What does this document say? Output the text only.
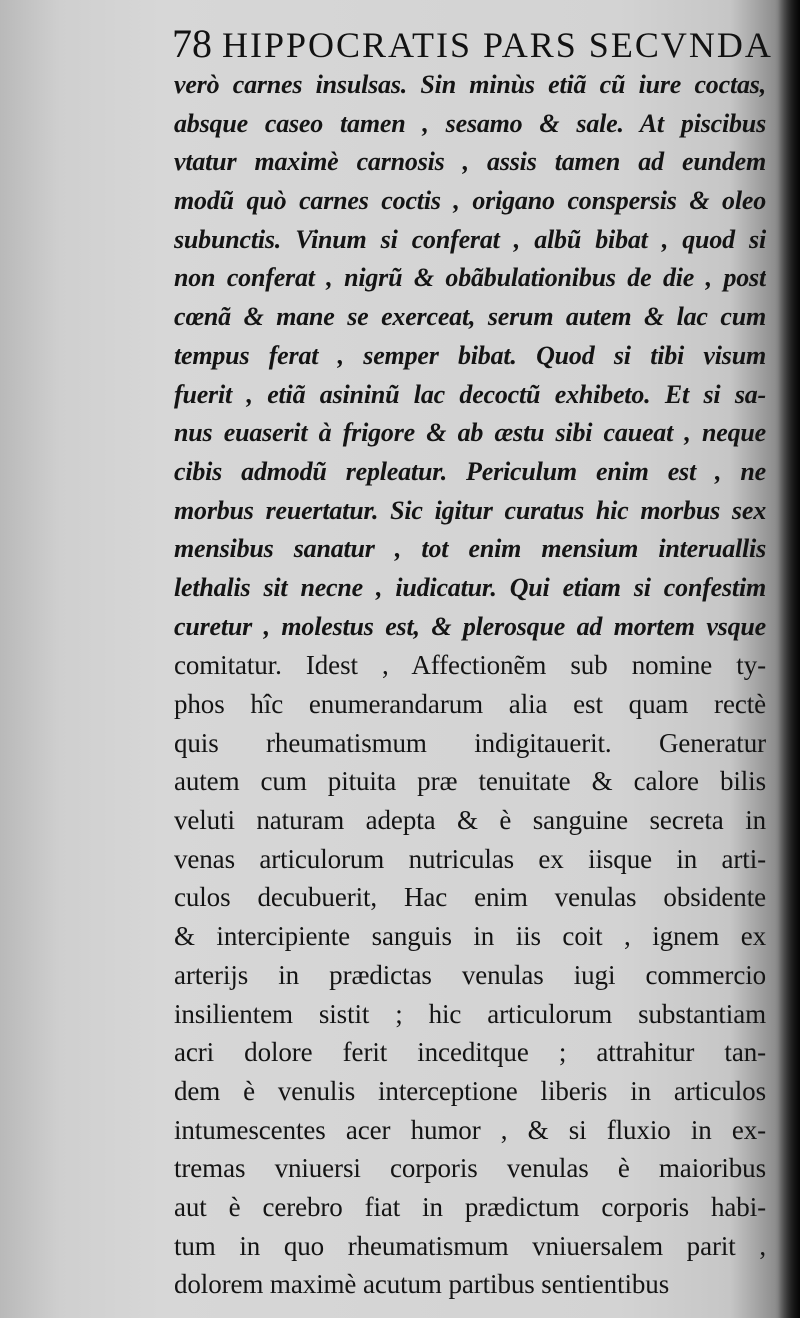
78 HIPPOCRATIS PARS SECVNDA
verò carnes insulsas. Sin minùs etiã cũ iure coctas,
absque caseo tamen , sesamo & sale. At piscibus
vtatur maximè carnosis , assis tamen ad eundem
modũ quò carnes coctis , origano conspersis & oleo
subunctis. Vinum si conferat , albũ bibat , quod si
non conferat , nigrũ & obãbulationibus de die , post
cœnã & mane se exerceat, serum autem & lac cum
tempus ferat , semper bibat. Quod si tibi visum
fuerit , etiã asininũ lac decoctũ exhibeto. Et si sa-
nus euaserit à frigore & ab æstu sibi caueat , neque
cibis admodũ repleatur. Periculum enim est , ne
morbus reuertatur. Sic igitur curatus hic morbus sex
mensibus sanatur , tot enim mensium interuallis
lethalis sit necne , iudicatur. Qui etiam si confestim
curetur , molestus est, & plerosque ad mortem vsque
comitatur. Idest , Affectionẽm sub nomine ty-
phos hîc enumerandarum alia est quam rectè
quis rheumatismum indigitauerit. Generatur
autem cum pituita præ tenuitate & calore bilis
veluti naturam adepta & è sanguine secreta in
venas articulorum nutriculas ex iisque in arti-
culos decubuerit, Hac enim venulas obsidente
& intercipiente sanguis in iis coit , ignem ex
arterijs in prædictas venulas iugi commercio
insilientem sistit ; hic articulorum substantiam
acri dolore ferit inceditque ; attrahitur tan-
dem è venulis interceptione liberis in articulos
intumescentes acer humor , & si fluxio in ex-
tremas vniuersi corporis venulas è maioribus
aut è cerebro fiat in prædictum corporis habi-
tum in quo rheumatismum vniuersalem parit ,
dolorem maximè acutum partibus sentientibus
